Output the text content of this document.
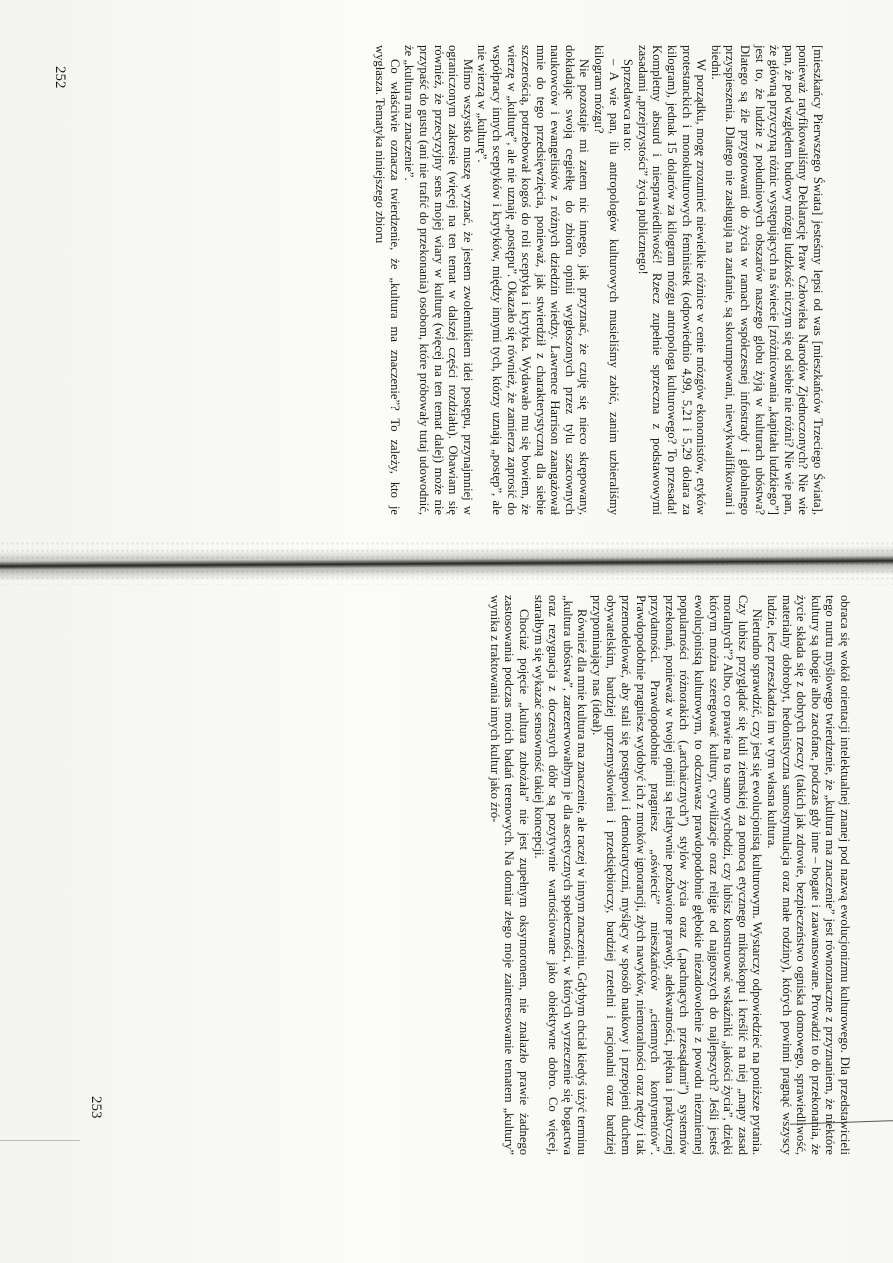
252
253

[mieszkańcy Pierwszego Świata] jesteśmy lepsi od was [mieszkańców Trzeciego Świata], ponieważ ratyfikowaliśmy Deklarację Praw Człowieka Narodów Zjednoczonych? Nie wie pan, że pod względem budowy mózgu ludzkość niczym się od siebie nie różni? Nie wie pan, że główną przyczyną różnic występujących na świecie [zróżnicowania „kapitału ludzkiego”] jest to, że ludzie z południowych obszarów naszego globu żyją w kulturach ubóstwa? Dlatego są źle przygotowani do życia w ramach współczesnej infostrady i globalnego przyspieszenia. Dlatego nie zasługują na zaufanie, są skorumpowani, niewykwalifikowani i biedni.

W porządku, mogę zrozumieć niewielkie różnice w cenie mózgów ekonomistów, etyków protestanckich i monokulturowych feministek (odpowiednio 4,99, 5,21 i 5,29 dolara za kilogram), jednak 15 dolarów za kilogram mózgu antropologa kulturowego? To przesada! Kompletny absurd i niesprawiedliwość! Rzecz zupełnie sprzeczna z podstawowymi zasadami „przejrzystości” życia publicznego!

Sprzedawca na to:

– A wie pan, ilu antropologów kulturowych musieliśmy zabić, zanim uzbieraliśmy kilogram mózgu?

Nie pozostaje mi zatem nic innego, jak przyznać, że czuję się nieco skrępowany, dokładając swoją cegiełkę do zbioru opinii wygłoszonych przez tylu szacownych naukowców i ewangelistów z różnych dziedzin wiedzy. Lawrence Harrison zaangażował mnie do tego przedsięwzięcia, ponieważ, jak stwierdził z charakterystyczną dla siebie szczerością, potrzebował kogoś do roli sceptyka i krytyka. Wydawało mu się bowiem, że wierzę w „kulturę”, ale nie uznaję „postępu”. Okazało się również, że zamierza zaprosić do współpracy innych sceptyków i krytyków, między innymi tych, którzy uznają „postęp”, ale nie wierzą w „kulturę”.

Mimo wszystko muszę wyznać, że jestem zwolennikiem idei postępu, przynajmniej w ograniczonym zakresie (więcej na ten temat w dalszej części rozdziału). Obawiam się również, że przecyzyjny sens mojej wiary w kulturę (więcej na ten temat dalej) może nie przypaść do gustu (ani nie trafić do przekonania) osobom, które próbowały tutaj udowodnić, że „kultura ma znaczenie”.

Co właściwie oznacza twierdzenie, że „kultura ma znaczenie”? To zależy, kto je wygłasza. Tematyka niniejszego zbioru

obraca się wokół orientacji intelektualnej znanej pod nazwą ewolucjonizmu kulturowego. Dla przedstawicieli tego nurtu myślowego twierdzenie, że „kultura ma znaczenie” jest równoznaczne z przyznaniem, że niektóre kultury są ubogie albo zacofane, podczas gdy inne – bogate i zaawansowane. Prowadzi to do przekonania, że życie składa się z dobrych rzeczy (takich jak zdrowie, bezpieczeństwo ogniska domowego, sprawiedliwość, materialny dobrobyt, hedonistyczna samostymulacja oraz małe rodziny), których powinni pragnąć wszyscy ludzie, lecz przeszkadza im w tym własna kultura.

Nietrudno sprawdzić, czy jest się ewolucjonistą kulturowym. Wystarczy odpowiedzieć na poniższe pytania. Czy lubisz przyglądać się kuli ziemskiej za pomocą etycznego mikroskopu i kreślić na niej „mapy zasad moralnych”? Albo, co prawie na to samo wychodzi, czy lubisz konstruować wskaźniki „jakości życia”, dzięki którym można szeregować kultury, cywilizacje oraz religie od najgorszych do najlepszych? Jeśli jesteś ewolucjonistą kulturowym, to odczuwasz prawdopodobnie głębokie niezadowolenie z powodu niezmiennej popularności różnorakich („archaicznych”) stylów życia oraz („pachnących przesądami”) systemów przekonań, ponieważ w twojej opinii są relatywnie pozbawione prawdy, adekwatności, piękna i praktycznej przydatności. Prawdopodobnie pragniesz „oświecić” mieszkańców „ciemnych kontynentów”. Prawdopodobnie pragniesz wydobyć ich z mroków ignorancji, złych nawyków, niemoralności oraz nędzy i tak przemodelować, aby stali się postępowi i demokratyczni, myślący w sposób naukowy i przepojeni duchem obywatelskim, bardziej uprzemysłowieni i przedsiębiorczy, bardziej rzetelni i racjonalni oraz bardziej przypominający nas (ideał).

Również dla mnie kultura ma znaczenie, ale raczej w innym znaczeniu. Gdybym chciał kiedyś użyć terminu „kultura ubóstwa”, zarezerwowałbym je dla ascetycznych społeczności, w których wyrzeczenie się bogactwa oraz rezygnacja z doczesnych dóbr są pozytywnie wartościowane jako obiektywne dobro. Co więcej, starałbym się wykazać sensowność takiej koncepcji.

Chociaż pojęcie „kultura zubożała” nie jest zupełnym oksymoronem, nie znalazło prawie żadnego zastosowania podczas moich badań terenowych. Na domiar złego moje zainteresowanie tematem „kultury” wynika z traktowania innych kultur jako źró-
